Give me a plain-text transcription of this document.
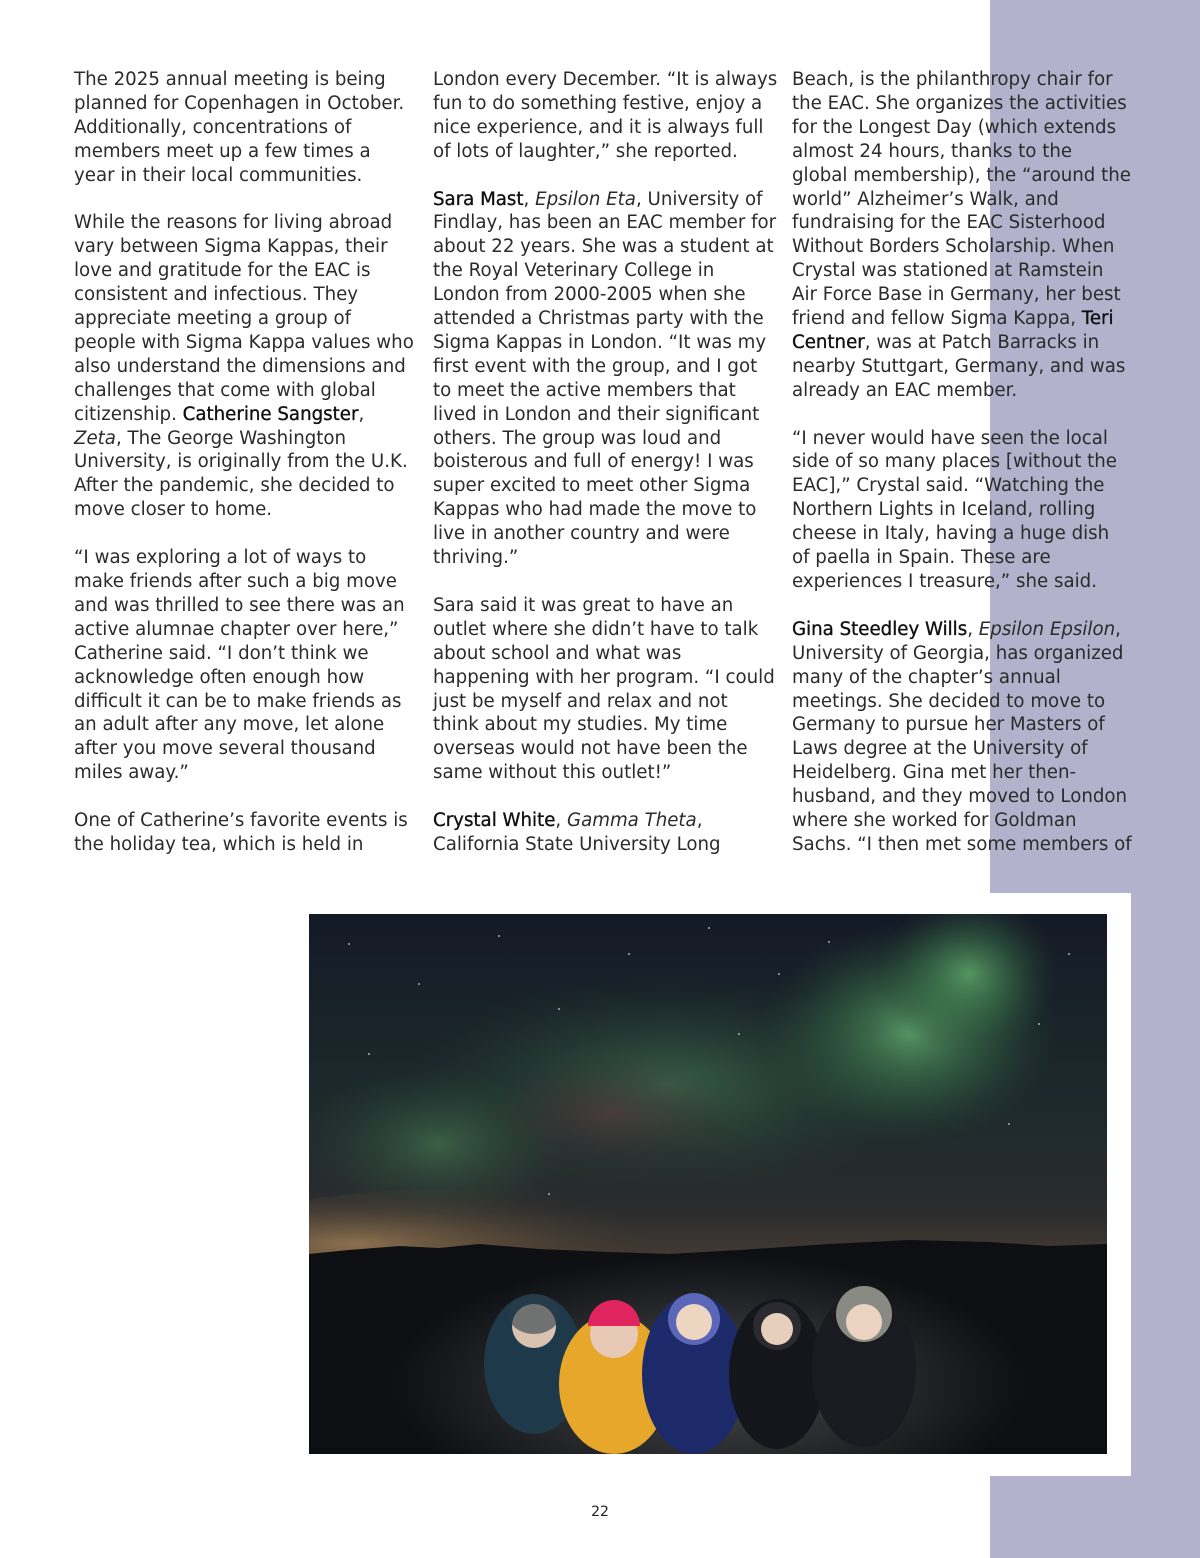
The 2025 annual meeting is being planned for Copenhagen in October. Additionally, concentrations of members meet up a few times a year in their local communities.

While the reasons for living abroad vary between Sigma Kappas, their love and gratitude for the EAC is consistent and infectious. They appreciate meeting a group of people with Sigma Kappa values who also understand the dimensions and challenges that come with global citizenship. Catherine Sangster, Zeta, The George Washington University, is originally from the U.K. After the pandemic, she decided to move closer to home.

“I was exploring a lot of ways to make friends after such a big move and was thrilled to see there was an active alumnae chapter over here,” Catherine said. “I don’t think we acknowledge often enough how difficult it can be to make friends as an adult after any move, let alone after you move several thousand miles away.”

One of Catherine’s favorite events is the holiday tea, which is held in

London every December. “It is always fun to do something festive, enjoy a nice experience, and it is always full of lots of laughter,” she reported.

Sara Mast, Epsilon Eta, University of Findlay, has been an EAC member for about 22 years. She was a student at the Royal Veterinary College in London from 2000-2005 when she attended a Christmas party with the Sigma Kappas in London. “It was my first event with the group, and I got to meet the active members that lived in London and their significant others. The group was loud and boisterous and full of energy! I was super excited to meet other Sigma Kappas who had made the move to live in another country and were thriving.”

Sara said it was great to have an outlet where she didn’t have to talk about school and what was happening with her program. “I could just be myself and relax and not think about my studies. My time overseas would not have been the same without this outlet!”

Crystal White, Gamma Theta, California State University Long

Beach, is the philanthropy chair for the EAC. She organizes the activities for the Longest Day (which extends almost 24 hours, thanks to the global membership), the “around the world” Alzheimer’s Walk, and fundraising for the EAC Sisterhood Without Borders Scholarship. When Crystal was stationed at Ramstein Air Force Base in Germany, her best friend and fellow Sigma Kappa, Teri Centner, was at Patch Barracks in nearby Stuttgart, Germany, and was already an EAC member.

“I never would have seen the local side of so many places [without the EAC],” Crystal said. “Watching the Northern Lights in Iceland, rolling cheese in Italy, having a huge dish of paella in Spain. These are experiences I treasure,” she said.

Gina Steedley Wills, Epsilon Epsilon, University of Georgia, has organized many of the chapter’s annual meetings. She decided to move to Germany to pursue her Masters of Laws degree at the University of Heidelberg. Gina met her then-husband, and they moved to London where she worked for Goldman Sachs. “I then met some members of

22
